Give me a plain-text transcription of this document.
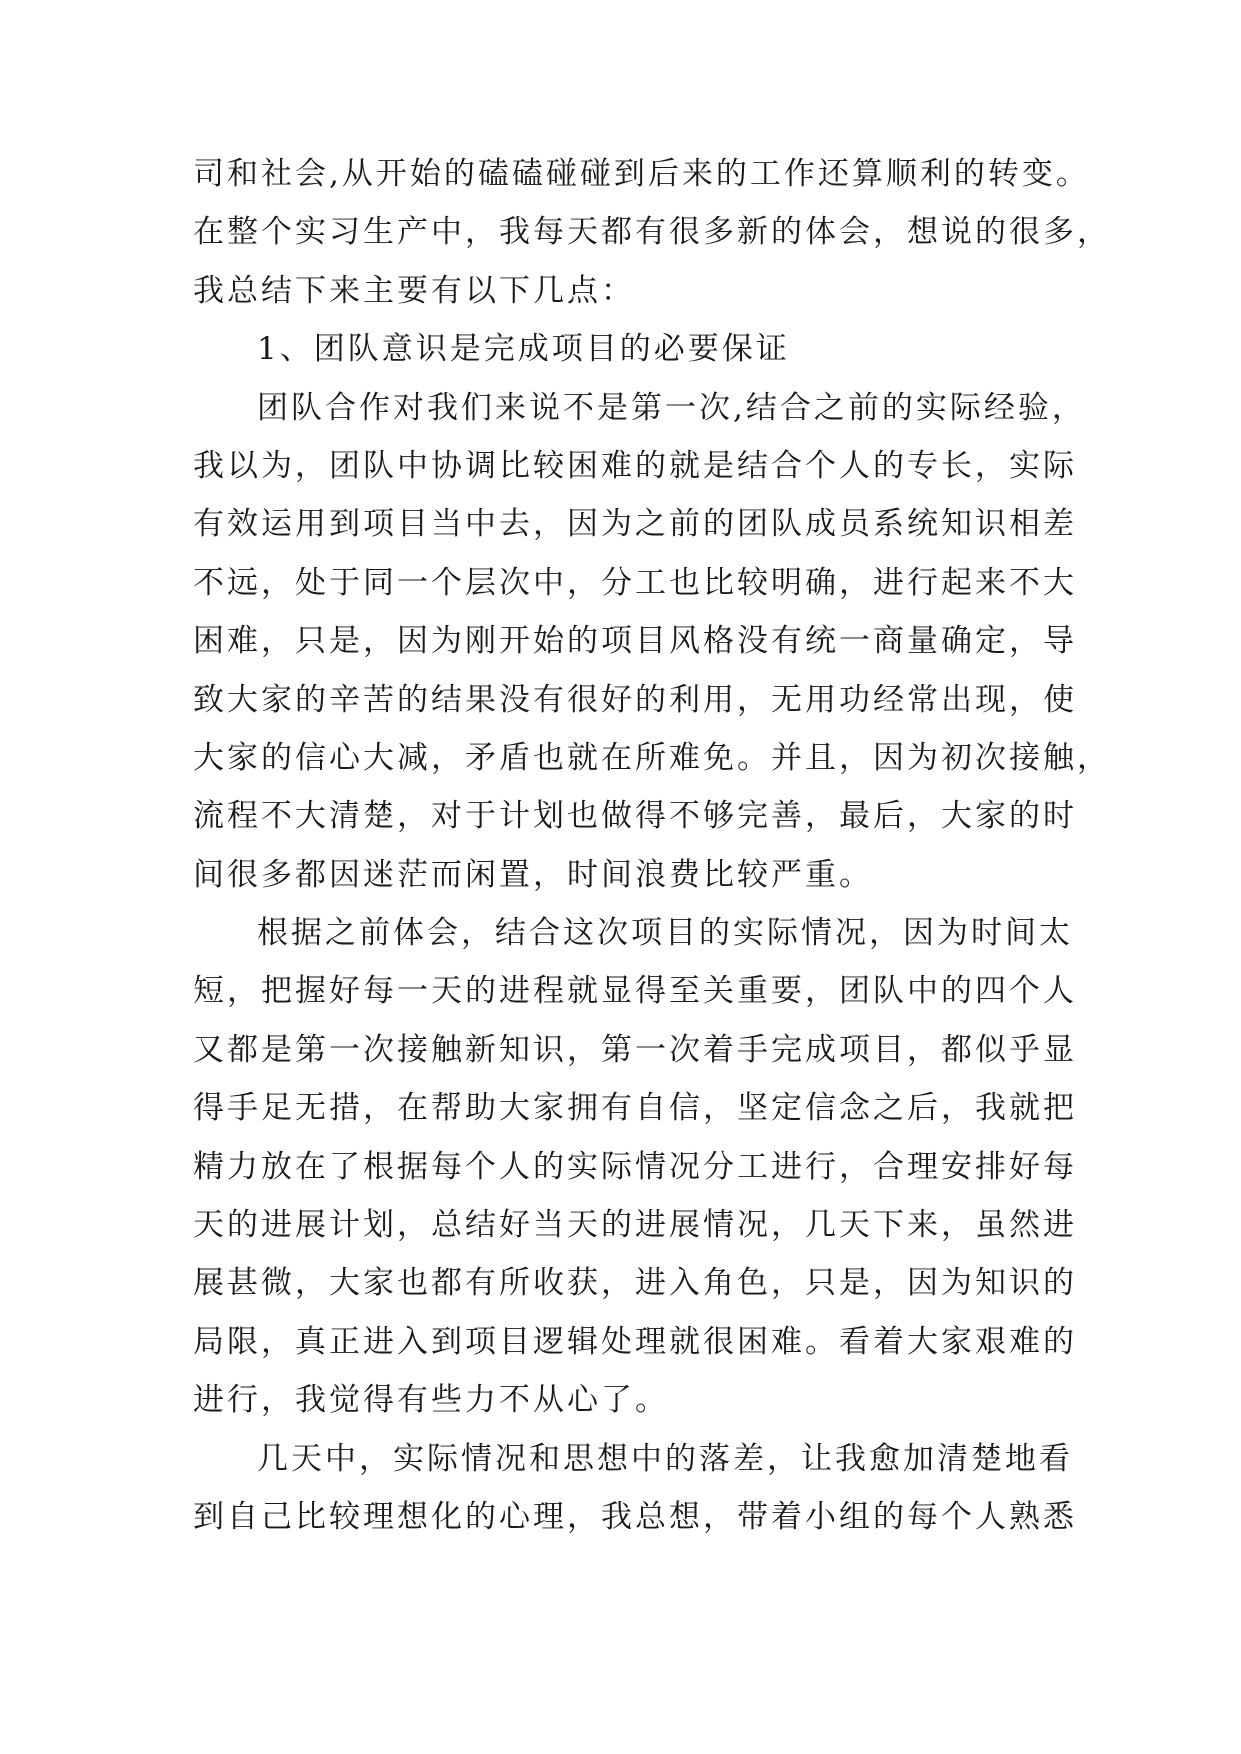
司和社会,从开始的磕磕碰碰到后来的工作还算顺利的转变。
在整个实习生产中，我每天都有很多新的体会，想说的很多，
我总结下来主要有以下几点：
1、团队意识是完成项目的必要保证
团队合作对我们来说不是第一次,结合之前的实际经验，
我以为，团队中协调比较困难的就是结合个人的专长，实际
有效运用到项目当中去，因为之前的团队成员系统知识相差
不远，处于同一个层次中，分工也比较明确，进行起来不大
困难，只是，因为刚开始的项目风格没有统一商量确定，导
致大家的辛苦的结果没有很好的利用，无用功经常出现，使
大家的信心大减，矛盾也就在所难免。并且，因为初次接触，
流程不大清楚，对于计划也做得不够完善，最后，大家的时
间很多都因迷茫而闲置，时间浪费比较严重。
根据之前体会，结合这次项目的实际情况，因为时间太
短，把握好每一天的进程就显得至关重要，团队中的四个人
又都是第一次接触新知识，第一次着手完成项目，都似乎显
得手足无措，在帮助大家拥有自信，坚定信念之后，我就把
精力放在了根据每个人的实际情况分工进行，合理安排好每
天的进展计划，总结好当天的进展情况，几天下来，虽然进
展甚微，大家也都有所收获，进入角色，只是，因为知识的
局限，真正进入到项目逻辑处理就很困难。看着大家艰难的
进行，我觉得有些力不从心了。
几天中，实际情况和思想中的落差，让我愈加清楚地看
到自己比较理想化的心理，我总想，带着小组的每个人熟悉
